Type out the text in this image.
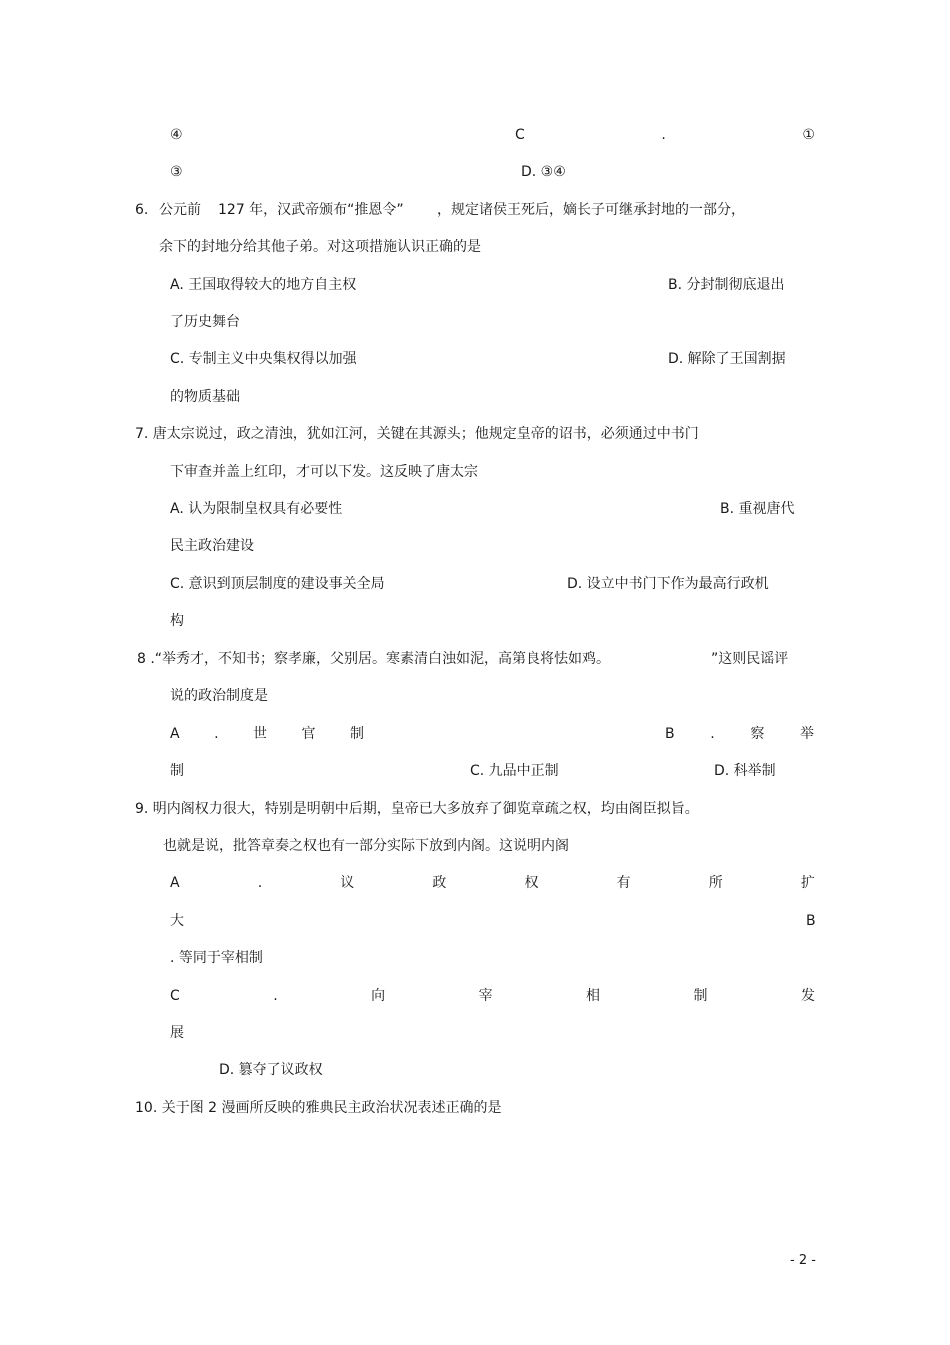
④	C	.	①
③	D. ③④
6. 公元前 127 年，汉武帝颁布“推恩令” ，规定诸侯王死后，嫡长子可继承封地的一部分，
余下的封地分给其他子弟。对这项措施认识正确的是
A. 王国取得较大的地方自主权	B. 分封制彻底退出
了历史舞台
C. 专制主义中央集权得以加强	D. 解除了王国割据
的物质基础
7. 唐太宗说过，政之清浊，犹如江河，关键在其源头；他规定皇帝的诏书，必须通过中书门
下审查并盖上红印，才可以下发。这反映了唐太宗
A. 认为限制皇权具有必要性	B. 重视唐代
民主政治建设
C. 意识到顶层制度的建设事关全局	D. 设立中书门下作为最高行政机
构
8 .“举秀才，不知书；察孝廉，父别居。寒素清白浊如泥，高第良将怯如鸡。	”这则民谣评
说的政治制度是
A . 世 官 制	B	.	察	举
制	C. 九品中正制	D. 科举制
9. 明内阁权力很大，特别是明朝中后期，皇帝已大多放弃了御览章疏之权，均由阁臣拟旨。
也就是说，批答章奏之权也有一部分实际下放到内阁。这说明内阁
A	.	议	政	权	有	所	扩
大	B
. 等同于宰相制
C	.	向	宰	相	制	发
展
D. 篡夺了议政权
10. 关于图 2 漫画所反映的雅典民主政治状况表述正确的是
- 2 -
